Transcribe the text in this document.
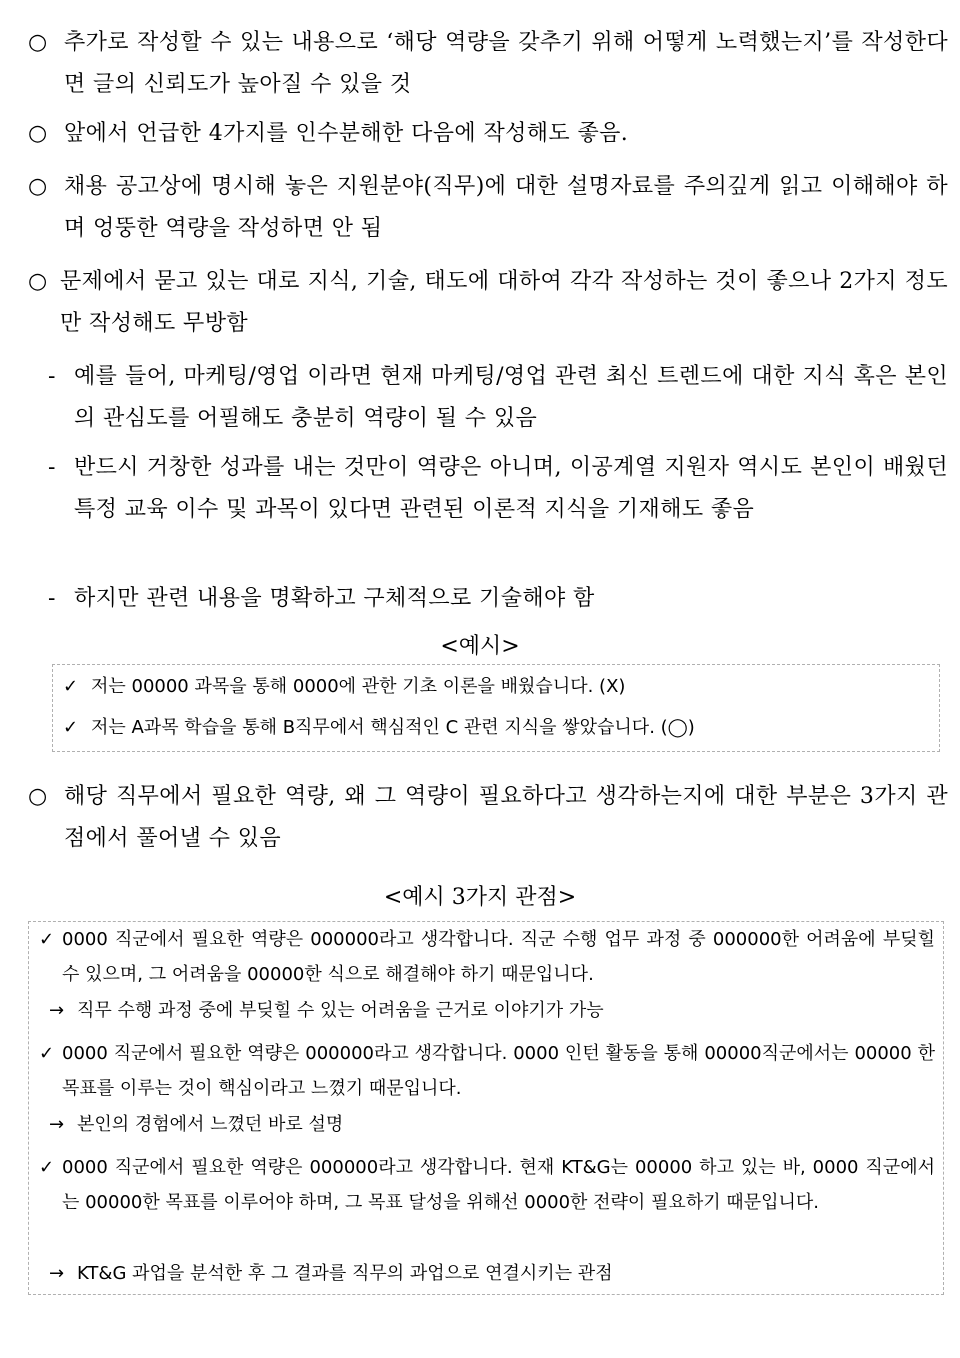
○ 추가로 작성할 수 있는 내용으로 ‘해당 역량을 갖추기 위해 어떻게 노력했는지’를 작성한다면 글의 신뢰도가 높아질 수 있을 것
○ 앞에서 언급한 4가지를 인수분해한 다음에 작성해도 좋음.
○ 채용 공고상에 명시해 놓은 지원분야(직무)에 대한 설명자료를 주의깊게 읽고 이해해야 하며 엉뚱한 역량을 작성하면 안 됨
○ 문제에서 묻고 있는 대로 지식, 기술, 태도에 대하여 각각 작성하는 것이 좋으나 2가지 정도만 작성해도 무방함
- 예를 들어, 마케팅/영업 이라면 현재 마케팅/영업 관련 최신 트렌드에 대한 지식 혹은 본인의 관심도를 어필해도 충분히 역량이 될 수 있음
- 반드시 거창한 성과를 내는 것만이 역량은 아니며, 이공계열 지원자 역시도 본인이 배웠던 특정 교육 이수 및 과목이 있다면 관련된 이론적 지식을 기재해도 좋음
- 하지만 관련 내용을 명확하고 구체적으로 기술해야 함
<예시>
✓ 저는 00000 과목을 통해 0000에 관한 기초 이론을 배웠습니다. (X)
✓ 저는 A과목 학습을 통해 B직무에서 핵심적인 C 관련 지식을 쌓았습니다. (◯)
○ 해당 직무에서 필요한 역량, 왜 그 역량이 필요하다고 생각하는지에 대한 부분은 3가지 관점에서 풀어낼 수 있음
<예시 3가지 관점>
✓ 0000 직군에서 필요한 역량은 000000라고 생각합니다. 직군 수행 업무 과정 중 000000한 어려움에 부딪힐 수 있으며, 그 어려움을 00000한 식으로 해결해야 하기 때문입니다.
→ 직무 수행 과정 중에 부딪힐 수 있는 어려움을 근거로 이야기가 가능
✓ 0000 직군에서 필요한 역량은 000000라고 생각합니다. 0000 인턴 활동을 통해 00000직군에서는 00000 한 목표를 이루는 것이 핵심이라고 느꼈기 때문입니다.
→ 본인의 경험에서 느꼈던 바로 설명
✓ 0000 직군에서 필요한 역량은 000000라고 생각합니다. 현재 KT&G는 00000 하고 있는 바, 0000 직군에서는 00000한 목표를 이루어야 하며, 그 목표 달성을 위해선 0000한 전략이 필요하기 때문입니다.
→ KT&G 과업을 분석한 후 그 결과를 직무의 과업으로 연결시키는 관점
